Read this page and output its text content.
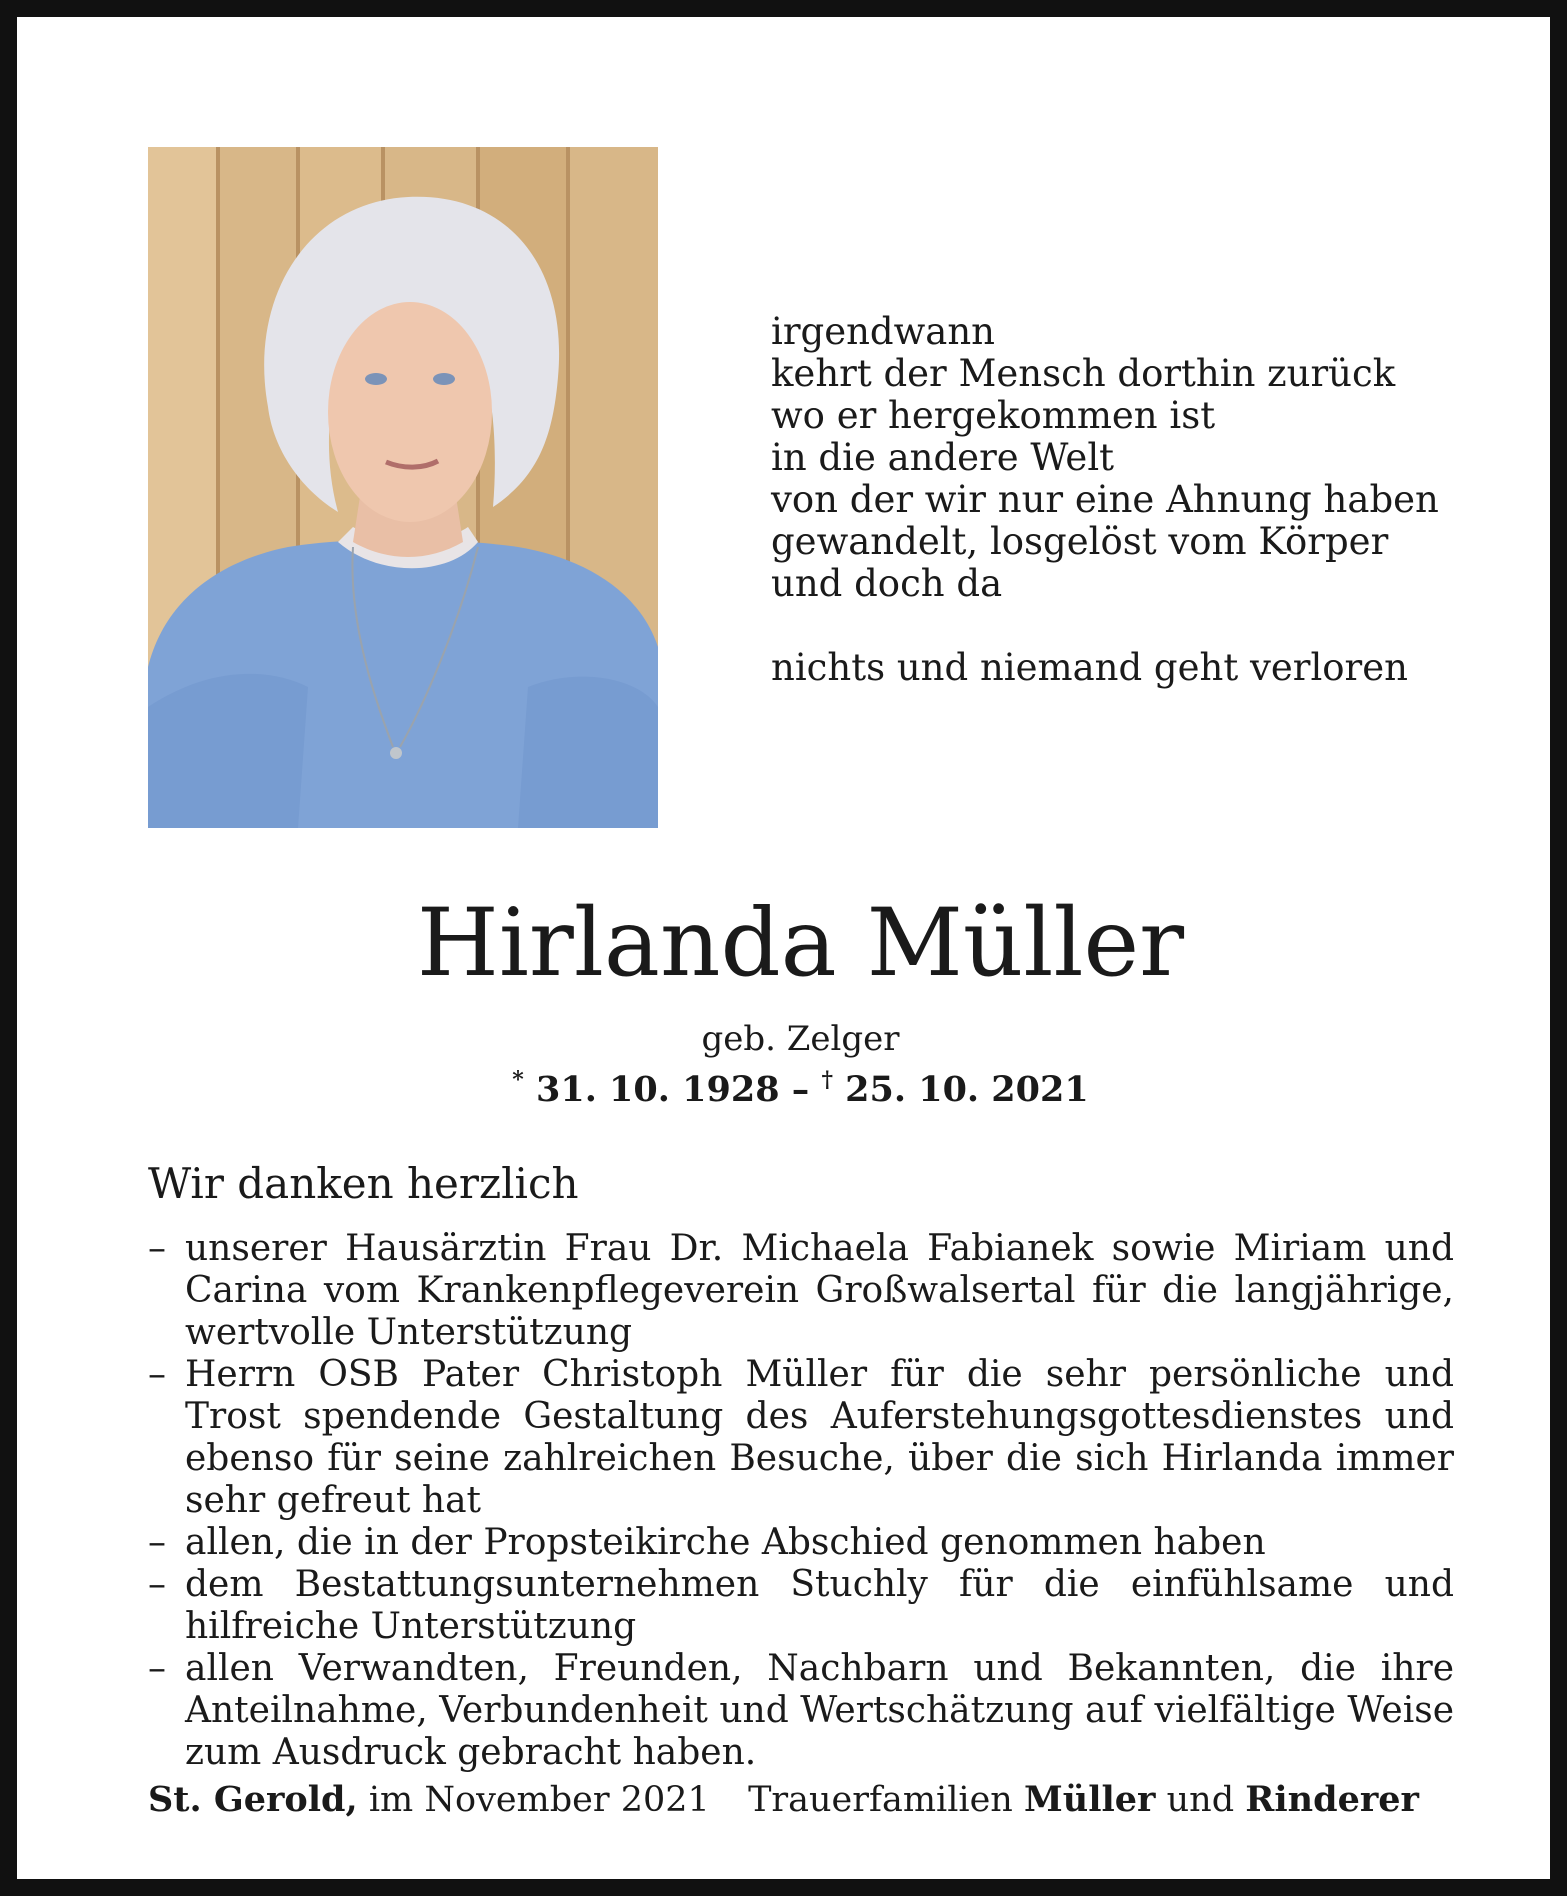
irgendwann
kehrt der Mensch dorthin zurück
wo er hergekommen ist
in die andere Welt
von der wir nur eine Ahnung haben
gewandelt, losgelöst vom Körper
und doch da
nichts und niemand geht verloren
Hirlanda Müller
geb. Zelger
* 31. 10. 1928 – † 25. 10. 2021
Wir danken herzlich
– unserer Hausärztin Frau Dr. Michaela Fabianek sowie Miriam und Carina vom Krankenpflegeverein Großwalsertal für die langjährige, wertvolle Unterstützung
– Herrn OSB Pater Christoph Müller für die sehr persönliche und Trost spendende Gestaltung des Auferstehungsgottesdienstes und ebenso für seine zahlreichen Besuche, über die sich Hirlanda immer sehr gefreut hat
– allen, die in der Propsteikirche Abschied genommen haben
– dem Bestattungsunternehmen Stuchly für die einfühlsame und hilfreiche Unterstützung
– allen Verwandten, Freunden, Nachbarn und Bekannten, die ihre Anteilnahme, Verbundenheit und Wertschätzung auf vielfältige Weise zum Ausdruck gebracht haben.
St. Gerold, im November 2021 Trauerfamilien Müller und Rinderer
